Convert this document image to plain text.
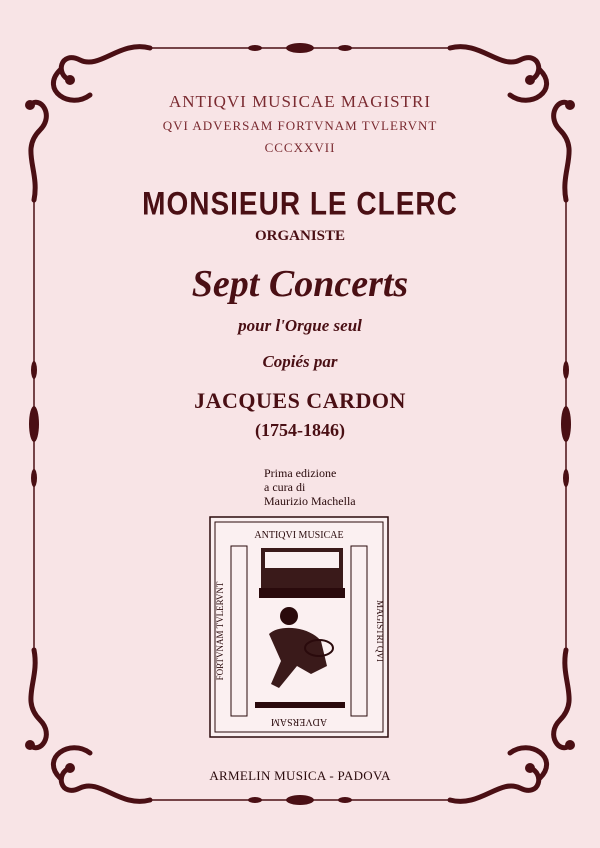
ANTIQVI MUSICAE MAGISTRI
QVI ADVERSAM FORTVNAM TVLERVNT
CCCXXVII
MONSIEUR LE CLERC
ORGANISTE
Sept Concerts
pour l'Orgue seul
Copiés par
JACQUES CARDON
(1754-1846)
Prima edizione
a cura di
Maurizio Machella
ANTIQVI MUSICAE
ADVERSAM
FORTVNAM TVLERVNT	MAGISTRI QVI
ARMELIN MUSICA - PADOVA
